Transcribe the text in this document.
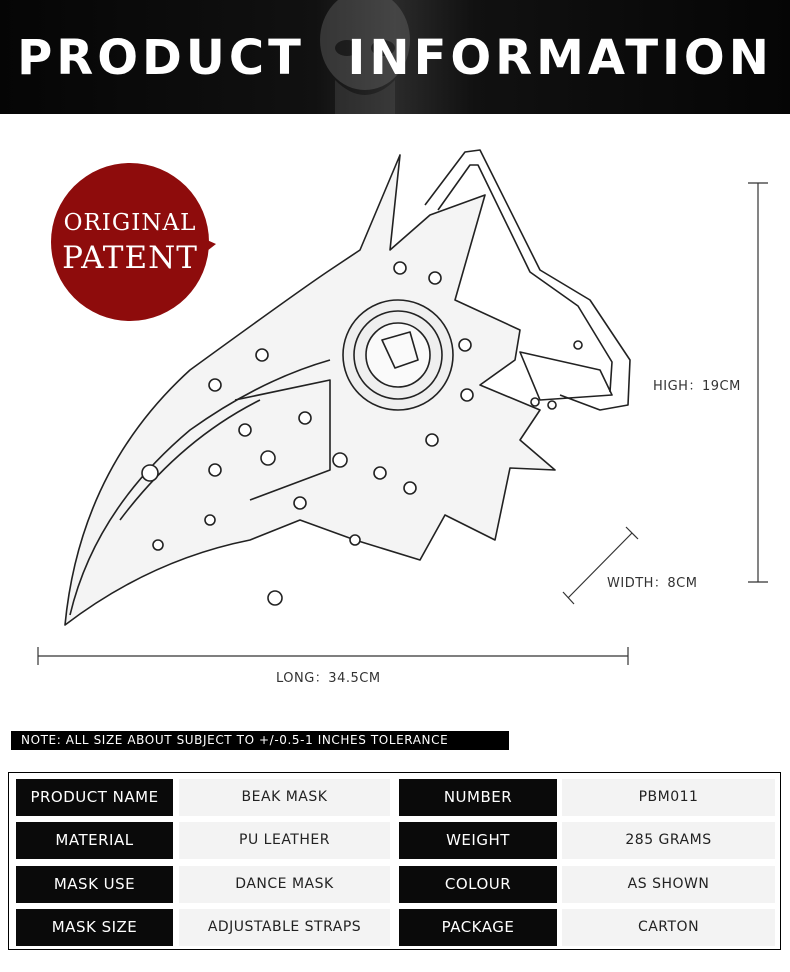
PRODUCT INFORMATION
ORIGINAL
PATENT
HIGH：19CM
WIDTH：8CM
LONG：34.5CM
NOTE: ALL SIZE ABOUT SUBJECT TO +/-0.5-1 INCHES TOLERANCE
PRODUCT NAME	BEAK MASK	NUMBER	PBM011
MATERIAL	PU LEATHER	WEIGHT	285 GRAMS
MASK USE	DANCE MASK	COLOUR	AS SHOWN
MASK SIZE	ADJUSTABLE STRAPS	PACKAGE	CARTON
